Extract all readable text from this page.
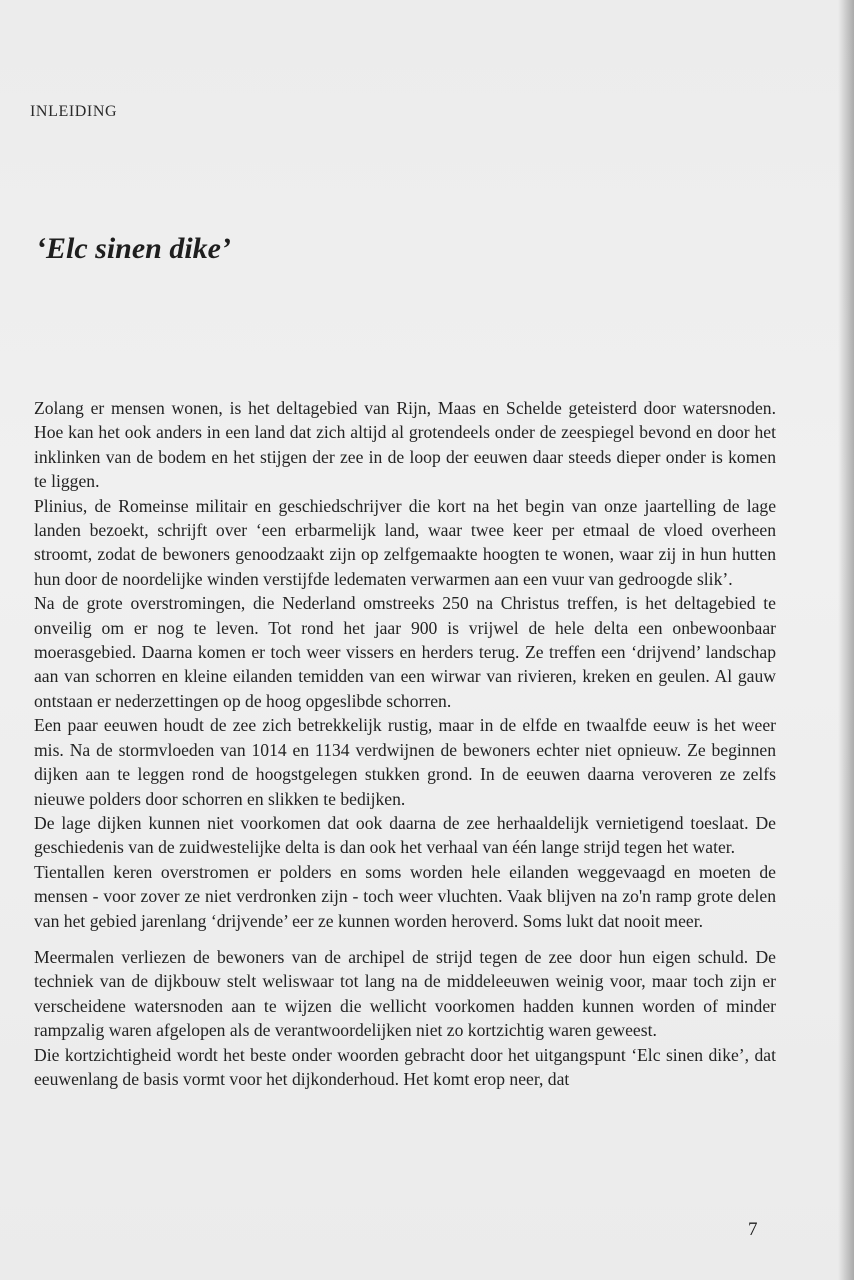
INLEIDING
‘Elc sinen dike’

Zolang er mensen wonen, is het deltagebied van Rijn, Maas en Schelde geteisterd door watersnoden. Hoe kan het ook anders in een land dat zich altijd al grotendeels onder de zeespiegel bevond en door het inklinken van de bodem en het stijgen der zee in de loop der eeuwen daar steeds dieper onder is komen te liggen.

Plinius, de Romeinse militair en geschiedschrijver die kort na het begin van onze jaartelling de lage landen bezoekt, schrijft over ‘een erbarmelijk land, waar twee keer per etmaal de vloed overheen stroomt, zodat de bewoners genoodzaakt zijn op zelfgemaakte hoogten te wonen, waar zij in hun hutten hun door de noordelijke winden verstijfde ledematen verwarmen aan een vuur van gedroogde slik’.

Na de grote overstromingen, die Nederland omstreeks 250 na Christus treffen, is het deltagebied te onveilig om er nog te leven. Tot rond het jaar 900 is vrijwel de hele delta een onbewoonbaar moerasgebied. Daarna komen er toch weer vissers en herders terug. Ze treffen een ‘drijvend’ landschap aan van schorren en kleine eilanden temidden van een wirwar van rivieren, kreken en geulen. Al gauw ontstaan er nederzettingen op de hoog opgeslibde schorren.

Een paar eeuwen houdt de zee zich betrekkelijk rustig, maar in de elfde en twaalfde eeuw is het weer mis. Na de stormvloeden van 1014 en 1134 verdwijnen de bewoners echter niet opnieuw. Ze beginnen dijken aan te leggen rond de hoogstgelegen stukken grond. In de eeuwen daarna veroveren ze zelfs nieuwe polders door schorren en slikken te bedijken.

De lage dijken kunnen niet voorkomen dat ook daarna de zee herhaaldelijk vernietigend toeslaat. De geschiedenis van de zuidwestelijke delta is dan ook het verhaal van één lange strijd tegen het water.

Tientallen keren overstromen er polders en soms worden hele eilanden weggevaagd en moeten de mensen - voor zover ze niet verdronken zijn - toch weer vluchten. Vaak blijven na zo'n ramp grote delen van het gebied jarenlang ‘drijvende’ eer ze kunnen worden heroverd. Soms lukt dat nooit meer.

Meermalen verliezen de bewoners van de archipel de strijd tegen de zee door hun eigen schuld. De techniek van de dijkbouw stelt weliswaar tot lang na de middeleeuwen weinig voor, maar toch zijn er verscheidene watersnoden aan te wijzen die wellicht voorkomen hadden kunnen worden of minder rampzalig waren afgelopen als de verantwoordelijken niet zo kortzichtig waren geweest.

Die kortzichtigheid wordt het beste onder woorden gebracht door het uitgangspunt ‘Elc sinen dike’, dat eeuwenlang de basis vormt voor het dijkonderhoud. Het komt erop neer, dat

7
